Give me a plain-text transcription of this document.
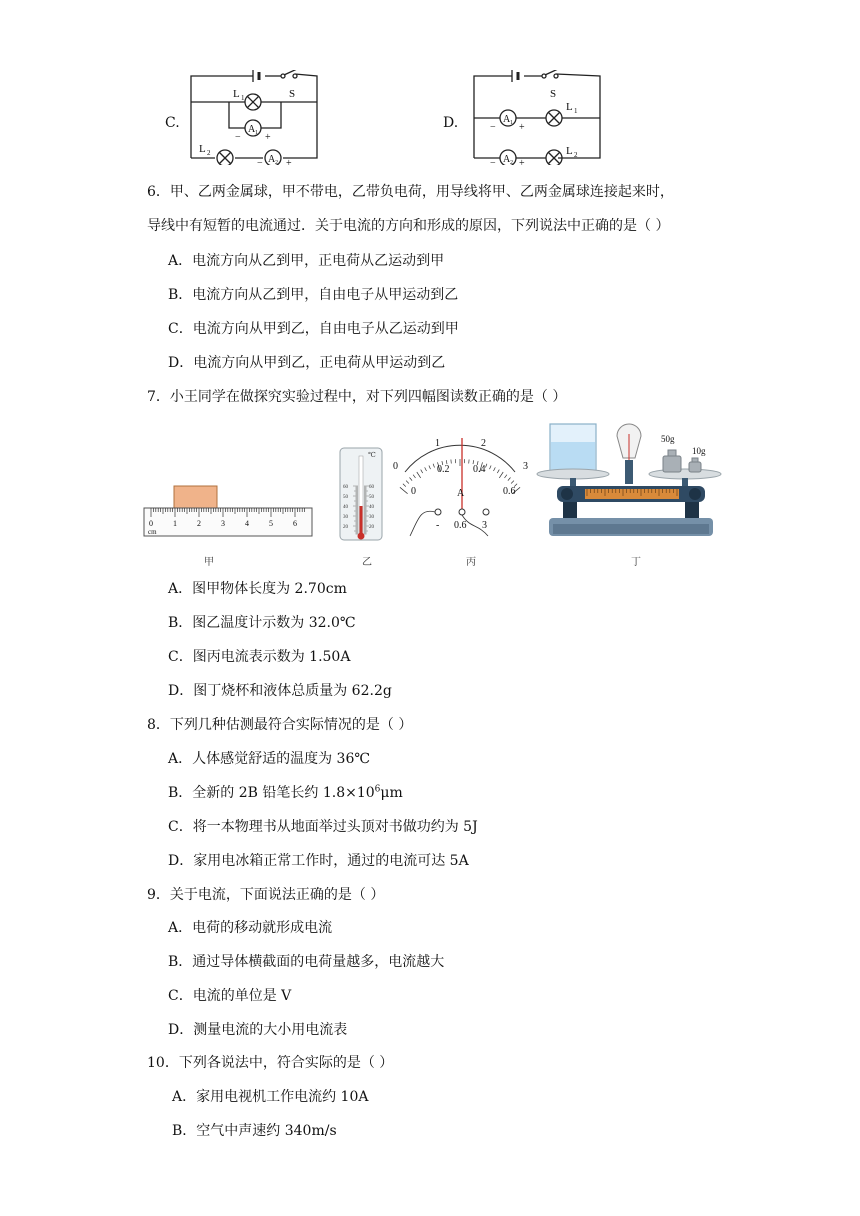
C.
L 1	S
A 1
− +
L 2
A 2
− +
D.
S
L 1
A 1
− +
L 2
A 2
− +
6．甲、乙两金属球，甲不带电，乙带负电荷，用导线将甲、乙两金属球连接起来时，
导线中有短暂的电流通过．关于电流的方向和形成的原因，下列说法中正确的是（ ）
A．电流方向从乙到甲，正电荷从乙运动到甲
B．电流方向从乙到甲，自由电子从甲运动到乙
C．电流方向从甲到乙，自由电子从乙运动到甲
D．电流方向从甲到乙，正电荷从甲运动到乙
7．小王同学在做探究实验过程中，对下列四幅图读数正确的是（ ）
0	1	2	3	4	5	6
cm
℃
60
50
40
30
20
60
50
40
30
20
0
1	2
3
0
0.2 0.4
0.6
A
- 0.6 3
50g
10g
甲	乙	丙	丁
A．图甲物体长度为 2.70cm
B．图乙温度计示数为 32.0℃
C．图丙电流表示数为 1.50A
D．图丁烧杯和液体总质量为 62.2g
8．下列几种估测最符合实际情况的是（ ）
A．人体感觉舒适的温度为 36℃
B．全新的 2B 铅笔长约 $1.8\times 10^6\mu m$
C．将一本物理书从地面举过头顶对书做功约为 5J
D．家用电冰箱正常工作时，通过的电流可达 5A
9．关于电流，下面说法正确的是（ ）
A．电荷的移动就形成电流
B．通过导体横截面的电荷量越多，电流越大
C．电流的单位是 V
D．测量电流的大小用电流表
10．下列各说法中，符合实际的是（ ）
A．家用电视机工作电流约 10A
B．空气中声速约 340m/s
